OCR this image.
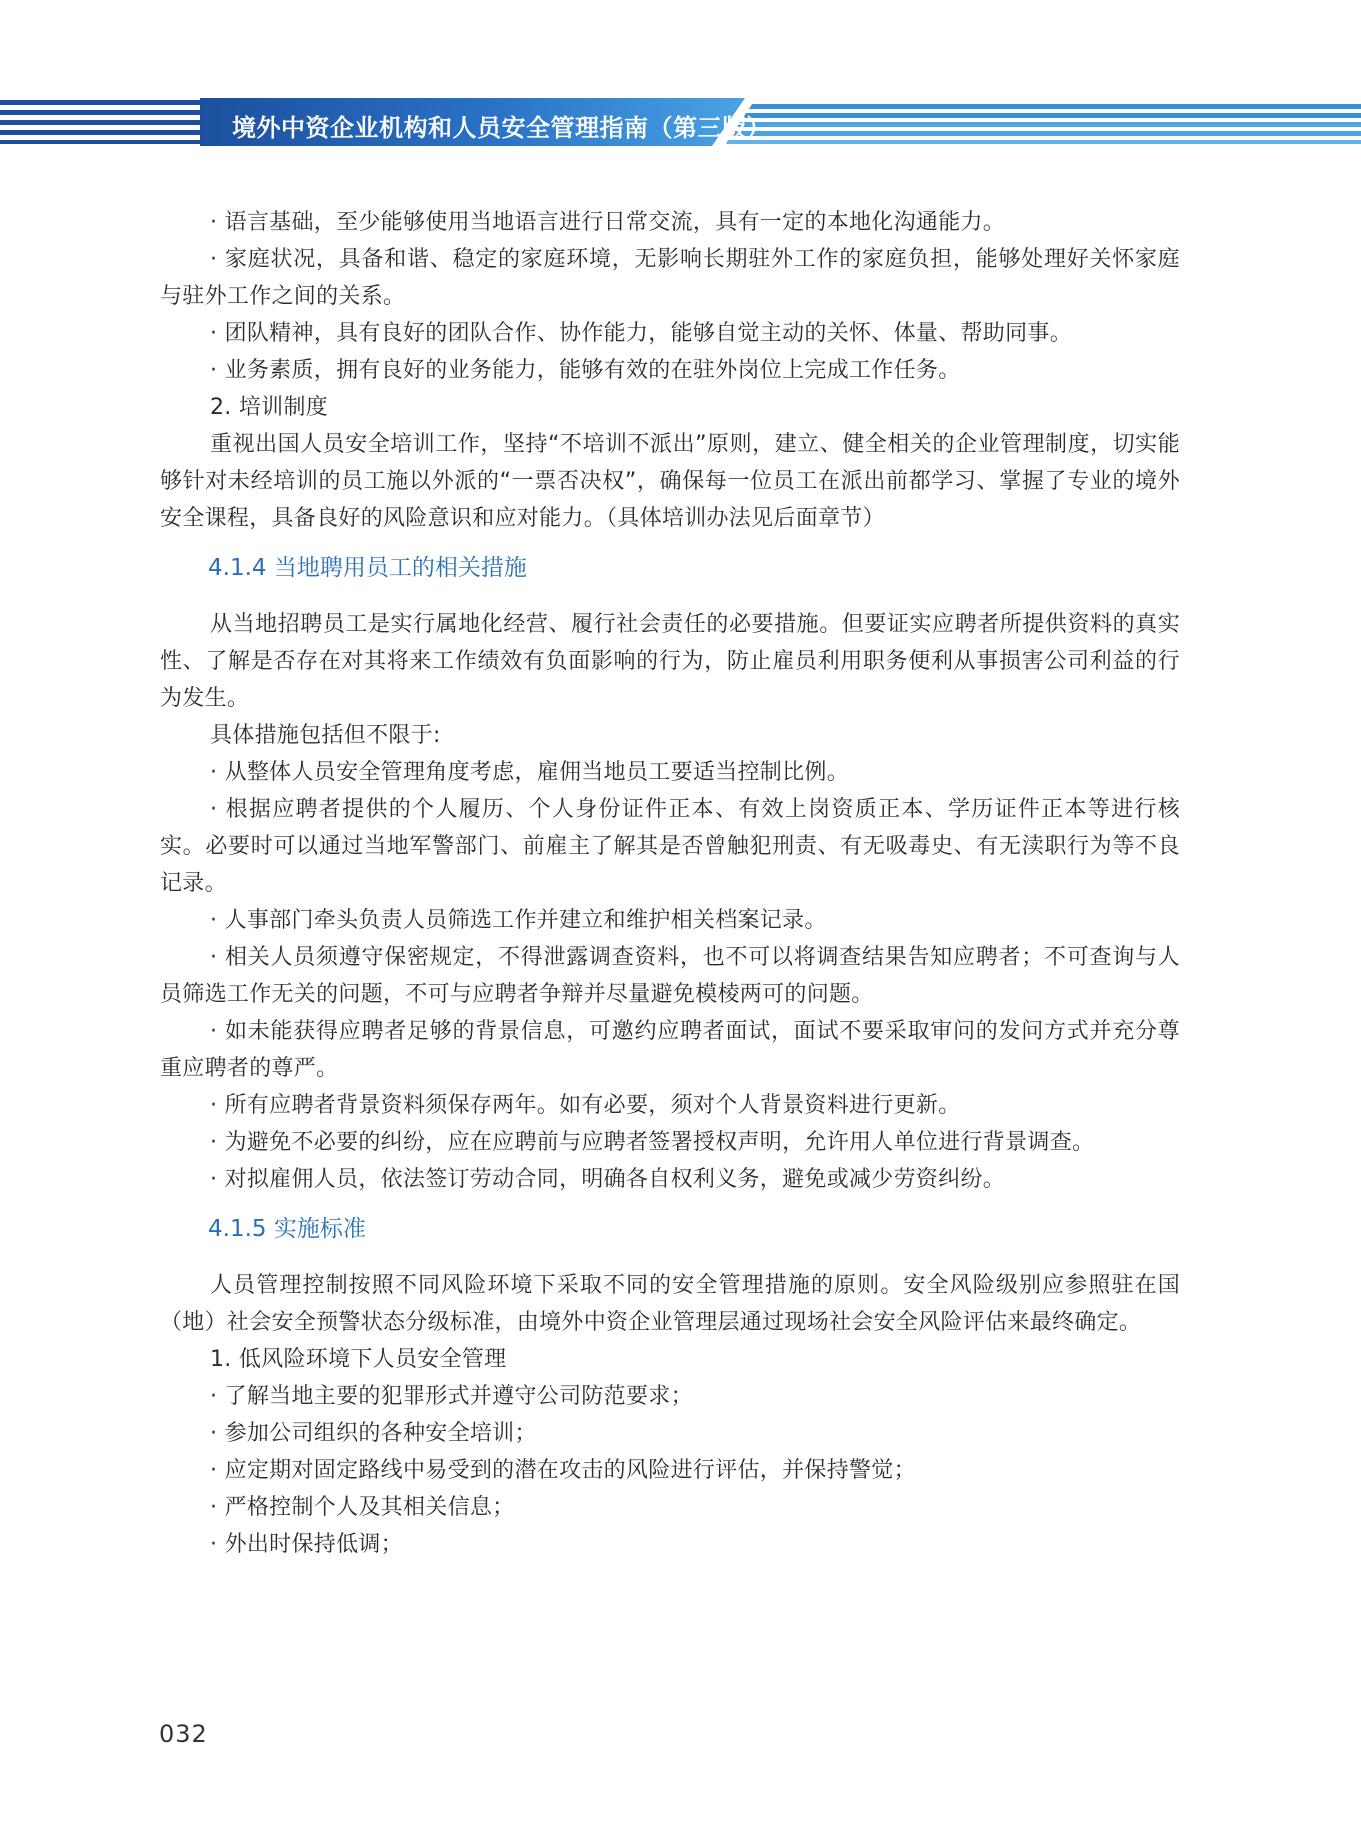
境外中资企业机构和人员安全管理指南（第三版）

· 语言基础，至少能够使用当地语言进行日常交流，具有一定的本地化沟通能力。

· 家庭状况，具备和谐、稳定的家庭环境，无影响长期驻外工作的家庭负担，能够处理好关怀家庭与驻外工作之间的关系。

· 团队精神，具有良好的团队合作、协作能力，能够自觉主动的关怀、体量、帮助同事。

· 业务素质，拥有良好的业务能力，能够有效的在驻外岗位上完成工作任务。

2. 培训制度

重视出国人员安全培训工作，坚持“不培训不派出”原则，建立、健全相关的企业管理制度，切实能够针对未经培训的员工施以外派的“一票否决权”，确保每一位员工在派出前都学习、掌握了专业的境外安全课程，具备良好的风险意识和应对能力。（具体培训办法见后面章节）

4.1.4 当地聘用员工的相关措施

从当地招聘员工是实行属地化经营、履行社会责任的必要措施。但要证实应聘者所提供资料的真实性、了解是否存在对其将来工作绩效有负面影响的行为，防止雇员利用职务便利从事损害公司利益的行为发生。

具体措施包括但不限于:

· 从整体人员安全管理角度考虑，雇佣当地员工要适当控制比例。

· 根据应聘者提供的个人履历、个人身份证件正本、有效上岗资质正本、学历证件正本等进行核实。必要时可以通过当地军警部门、前雇主了解其是否曾触犯刑责、有无吸毒史、有无渎职行为等不良记录。

· 人事部门牵头负责人员筛选工作并建立和维护相关档案记录。

· 相关人员须遵守保密规定，不得泄露调查资料，也不可以将调查结果告知应聘者；不可查询与人员筛选工作无关的问题，不可与应聘者争辩并尽量避免模棱两可的问题。

· 如未能获得应聘者足够的背景信息，可邀约应聘者面试，面试不要采取审问的发问方式并充分尊重应聘者的尊严。

· 所有应聘者背景资料须保存两年。如有必要，须对个人背景资料进行更新。

· 为避免不必要的纠纷，应在应聘前与应聘者签署授权声明，允许用人单位进行背景调查。

· 对拟雇佣人员，依法签订劳动合同，明确各自权利义务，避免或减少劳资纠纷。

4.1.5 实施标准

人员管理控制按照不同风险环境下采取不同的安全管理措施的原则。安全风险级别应参照驻在国（地）社会安全预警状态分级标准，由境外中资企业管理层通过现场社会安全风险评估来最终确定。

1. 低风险环境下人员安全管理

· 了解当地主要的犯罪形式并遵守公司防范要求；

· 参加公司组织的各种安全培训；

· 应定期对固定路线中易受到的潜在攻击的风险进行评估，并保持警觉；

· 严格控制个人及其相关信息；

· 外出时保持低调；

032
